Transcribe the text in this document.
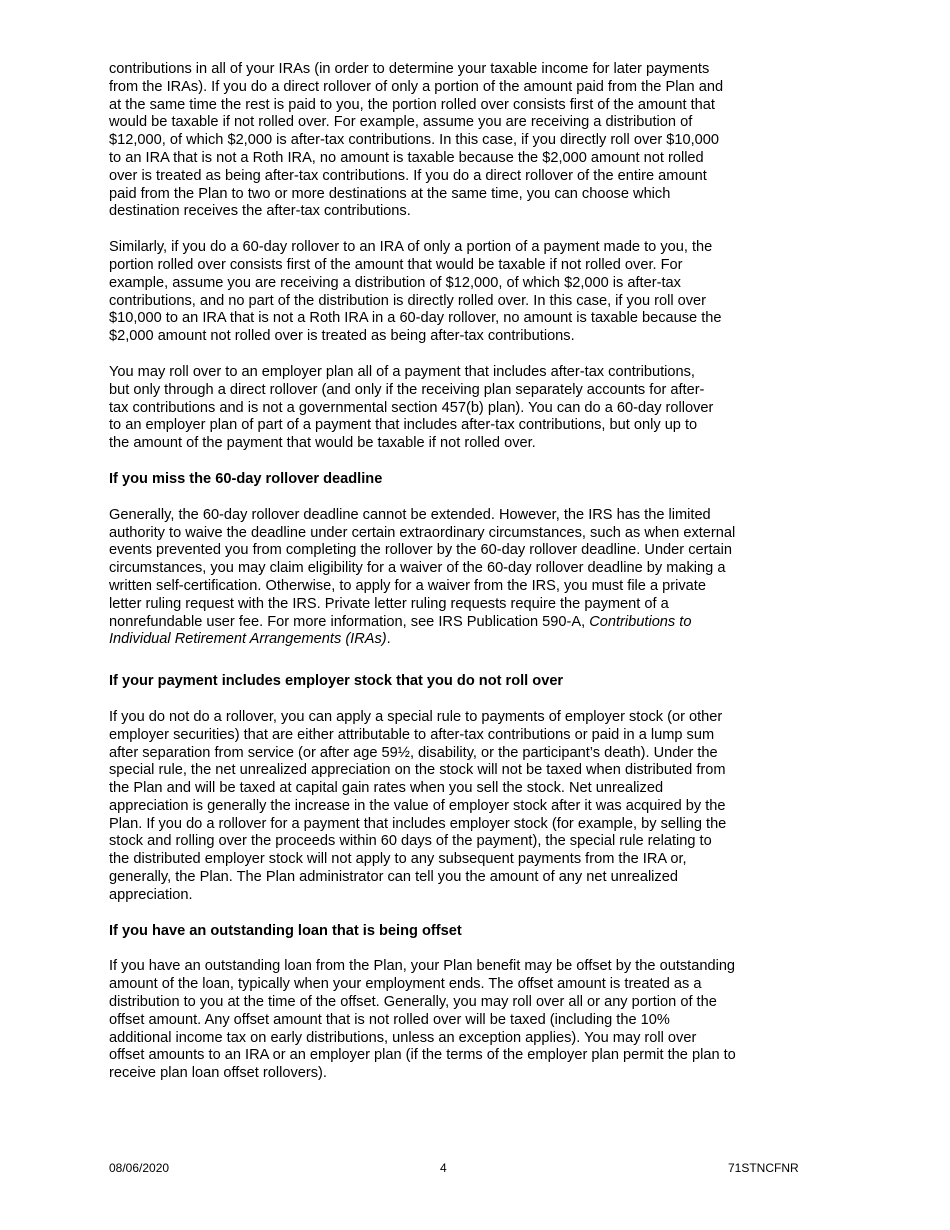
contributions in all of your IRAs (in order to determine your taxable income for later payments
from the IRAs). If you do a direct rollover of only a portion of the amount paid from the Plan and
at the same time the rest is paid to you, the portion rolled over consists first of the amount that
would be taxable if not rolled over. For example, assume you are receiving a distribution of
$12,000, of which $2,000 is after-tax contributions. In this case, if you directly roll over $10,000
to an IRA that is not a Roth IRA, no amount is taxable because the $2,000 amount not rolled
over is treated as being after-tax contributions. If you do a direct rollover of the entire amount
paid from the Plan to two or more destinations at the same time, you can choose which
destination receives the after-tax contributions.

Similarly, if you do a 60-day rollover to an IRA of only a portion of a payment made to you, the
portion rolled over consists first of the amount that would be taxable if not rolled over. For
example, assume you are receiving a distribution of $12,000, of which $2,000 is after-tax
contributions, and no part of the distribution is directly rolled over. In this case, if you roll over
$10,000 to an IRA that is not a Roth IRA in a 60-day rollover, no amount is taxable because the
$2,000 amount not rolled over is treated as being after-tax contributions.

You may roll over to an employer plan all of a payment that includes after-tax contributions,
but only through a direct rollover (and only if the receiving plan separately accounts for after-
tax contributions and is not a governmental section 457(b) plan). You can do a 60-day rollover
to an employer plan of part of a payment that includes after-tax contributions, but only up to
the amount of the payment that would be taxable if not rolled over.

If you miss the 60-day rollover deadline

Generally, the 60-day rollover deadline cannot be extended. However, the IRS has the limited
authority to waive the deadline under certain extraordinary circumstances, such as when external
events prevented you from completing the rollover by the 60-day rollover deadline. Under certain
circumstances, you may claim eligibility for a waiver of the 60-day rollover deadline by making a
written self-certification. Otherwise, to apply for a waiver from the IRS, you must file a private
letter ruling request with the IRS. Private letter ruling requests require the payment of a
nonrefundable user fee. For more information, see IRS Publication 590-A, Contributions to
Individual Retirement Arrangements (IRAs).

If your payment includes employer stock that you do not roll over

If you do not do a rollover, you can apply a special rule to payments of employer stock (or other
employer securities) that are either attributable to after-tax contributions or paid in a lump sum
after separation from service (or after age 59½, disability, or the participant’s death). Under the
special rule, the net unrealized appreciation on the stock will not be taxed when distributed from
the Plan and will be taxed at capital gain rates when you sell the stock. Net unrealized
appreciation is generally the increase in the value of employer stock after it was acquired by the
Plan. If you do a rollover for a payment that includes employer stock (for example, by selling the
stock and rolling over the proceeds within 60 days of the payment), the special rule relating to
the distributed employer stock will not apply to any subsequent payments from the IRA or,
generally, the Plan. The Plan administrator can tell you the amount of any net unrealized
appreciation.

If you have an outstanding loan that is being offset

If you have an outstanding loan from the Plan, your Plan benefit may be offset by the outstanding
amount of the loan, typically when your employment ends. The offset amount is treated as a
distribution to you at the time of the offset. Generally, you may roll over all or any portion of the
offset amount. Any offset amount that is not rolled over will be taxed (including the 10%
additional income tax on early distributions, unless an exception applies). You may roll over
offset amounts to an IRA or an employer plan (if the terms of the employer plan permit the plan to
receive plan loan offset rollovers).

08/06/2020	4	71STNCFNR
